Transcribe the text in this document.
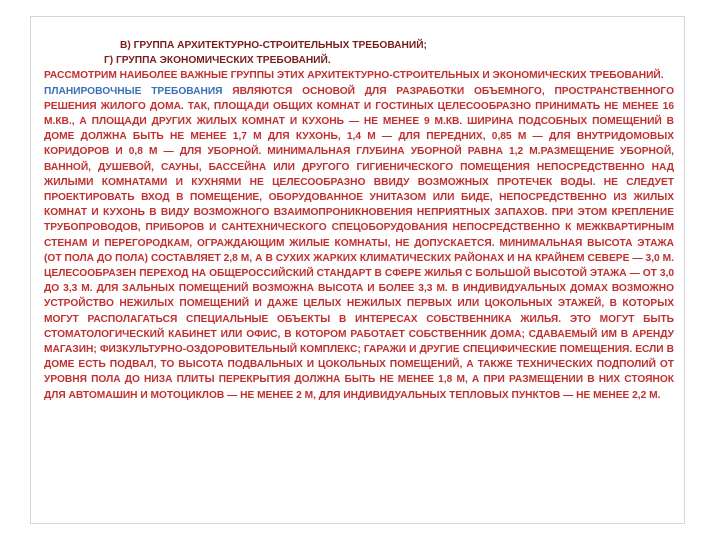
В) ГРУППА АРХИТЕКТУРНО-СТРОИТЕЛЬНЫХ ТРЕБОВАНИЙ;

Г) ГРУППА ЭКОНОМИЧЕСКИХ ТРЕБОВАНИЙ.

РАССМОТРИМ НАИБОЛЕЕ ВАЖНЫЕ ГРУППЫ ЭТИХ АРХИТЕКТУРНО-СТРОИТЕЛЬНЫХ И ЭКОНОМИЧЕСКИХ ТРЕБОВАНИЙ.

ПЛАНИРОВОЧНЫЕ ТРЕБОВАНИЯ ЯВЛЯЮТСЯ ОСНОВОЙ ДЛЯ РАЗРАБОТКИ ОБЪЕМНОГО, ПРОСТРАНСТВЕННОГО РЕШЕНИЯ ЖИЛОГО ДОМА. ТАК, ПЛОЩАДИ ОБЩИХ КОМНАТ И ГОСТИНЫХ ЦЕЛЕСООБРАЗНО ПРИНИМАТЬ НЕ МЕНЕЕ 16 М.КВ., А ПЛОЩАДИ ДРУГИХ ЖИЛЫХ КОМНАТ И КУХОНЬ — НЕ МЕНЕЕ 9 М.КВ. ШИРИНА ПОДСОБНЫХ ПОМЕЩЕНИЙ В ДОМЕ ДОЛЖНА БЫТЬ НЕ МЕНЕЕ 1,7 М ДЛЯ КУХОНЬ, 1,4 М — ДЛЯ ПЕРЕДНИХ, 0,85 М — ДЛЯ ВНУТРИДОМОВЫХ КОРИДОРОВ И 0,8 М — ДЛЯ УБОРНОЙ. МИНИМАЛЬНАЯ ГЛУБИНА УБОРНОЙ РАВНА 1,2 М.РАЗМЕЩЕНИЕ УБОРНОЙ, ВАННОЙ, ДУШЕВОЙ, САУНЫ, БАССЕЙНА ИЛИ ДРУГОГО ГИГИЕНИЧЕСКОГО ПОМЕЩЕНИЯ НЕПОСРЕДСТВЕННО НАД ЖИЛЫМИ КОМНАТАМИ И КУХНЯМИ НЕ ЦЕЛЕСООБРАЗНО ВВИДУ ВОЗМОЖНЫХ ПРОТЕЧЕК ВОДЫ. НЕ СЛЕДУЕТ ПРОЕКТИРОВАТЬ ВХОД В ПОМЕЩЕНИЕ, ОБОРУДОВАННОЕ УНИТАЗОМ ИЛИ БИДЕ, НЕПОСРЕДСТВЕННО ИЗ ЖИЛЫХ КОМНАТ И КУХОНЬ В ВИДУ ВОЗМОЖНОГО ВЗАИМОПРОНИКНОВЕНИЯ НЕПРИЯТНЫХ ЗАПАХОВ. ПРИ ЭТОМ КРЕПЛЕНИЕ ТРУБОПРОВОДОВ, ПРИБОРОВ И САНТЕХНИЧЕСКОГО СПЕЦОБОРУДОВАНИЯ НЕПОСРЕДСТВЕННО К МЕЖКВАРТИРНЫМ СТЕНАМ И ПЕРЕГОРОДКАМ, ОГРАЖДАЮЩИМ ЖИЛЫЕ КОМНАТЫ, НЕ ДОПУСКАЕТСЯ. МИНИМАЛЬНАЯ ВЫСОТА ЭТАЖА (ОТ ПОЛА ДО ПОЛА) СОСТАВЛЯЕТ 2,8 М, А В СУХИХ ЖАРКИХ КЛИМАТИЧЕСКИХ РАЙОНАХ И НА КРАЙНЕМ СЕВЕРЕ — 3,0 М. ЦЕЛЕСООБРАЗЕН ПЕРЕХОД НА ОБЩЕРОССИЙСКИЙ СТАНДАРТ В СФЕРЕ ЖИЛЬЯ С БОЛЬШОЙ ВЫСОТОЙ ЭТАЖА — ОТ 3,0 ДО 3,3 М. ДЛЯ ЗАЛЬНЫХ ПОМЕЩЕНИЙ ВОЗМОЖНА ВЫСОТА И БОЛЕЕ 3,3 М. В ИНДИВИДУАЛЬНЫХ ДОМАХ ВОЗМОЖНО УСТРОЙСТВО НЕЖИЛЫХ ПОМЕЩЕНИЙ И ДАЖЕ ЦЕЛЫХ НЕЖИЛЫХ ПЕРВЫХ ИЛИ ЦОКОЛЬНЫХ ЭТАЖЕЙ, В КОТОРЫХ МОГУТ РАСПОЛАГАТЬСЯ СПЕЦИАЛЬНЫЕ ОБЪЕКТЫ В ИНТЕРЕСАХ СОБСТВЕННИКА ЖИЛЬЯ. ЭТО МОГУТ БЫТЬ СТОМАТОЛОГИЧЕСКИЙ КАБИНЕТ ИЛИ ОФИС, В КОТОРОМ РАБОТАЕТ СОБСТВЕННИК ДОМА; СДАВАЕМЫЙ ИМ В АРЕНДУ МАГАЗИН; ФИЗКУЛЬТУРНО-ОЗДОРОВИТЕЛЬНЫЙ КОМПЛЕКС; ГАРАЖИ И ДРУГИЕ СПЕЦИФИЧЕСКИЕ ПОМЕЩЕНИЯ. ЕСЛИ В ДОМЕ ЕСТЬ ПОДВАЛ, ТО ВЫСОТА ПОДВАЛЬНЫХ И ЦОКОЛЬНЫХ ПОМЕЩЕНИЙ, А ТАКЖЕ ТЕХНИЧЕСКИХ ПОДПОЛИЙ ОТ УРОВНЯ ПОЛА ДО НИЗА ПЛИТЫ ПЕРЕКРЫТИЯ ДОЛЖНА БЫТЬ НЕ МЕНЕЕ 1,8 М, А ПРИ РАЗМЕЩЕНИИ В НИХ СТОЯНОК ДЛЯ АВТОМАШИН И МОТОЦИКЛОВ — НЕ МЕНЕЕ 2 М, ДЛЯ ИНДИВИДУАЛЬНЫХ ТЕПЛОВЫХ ПУНКТОВ — НЕ МЕНЕЕ 2,2 М.
